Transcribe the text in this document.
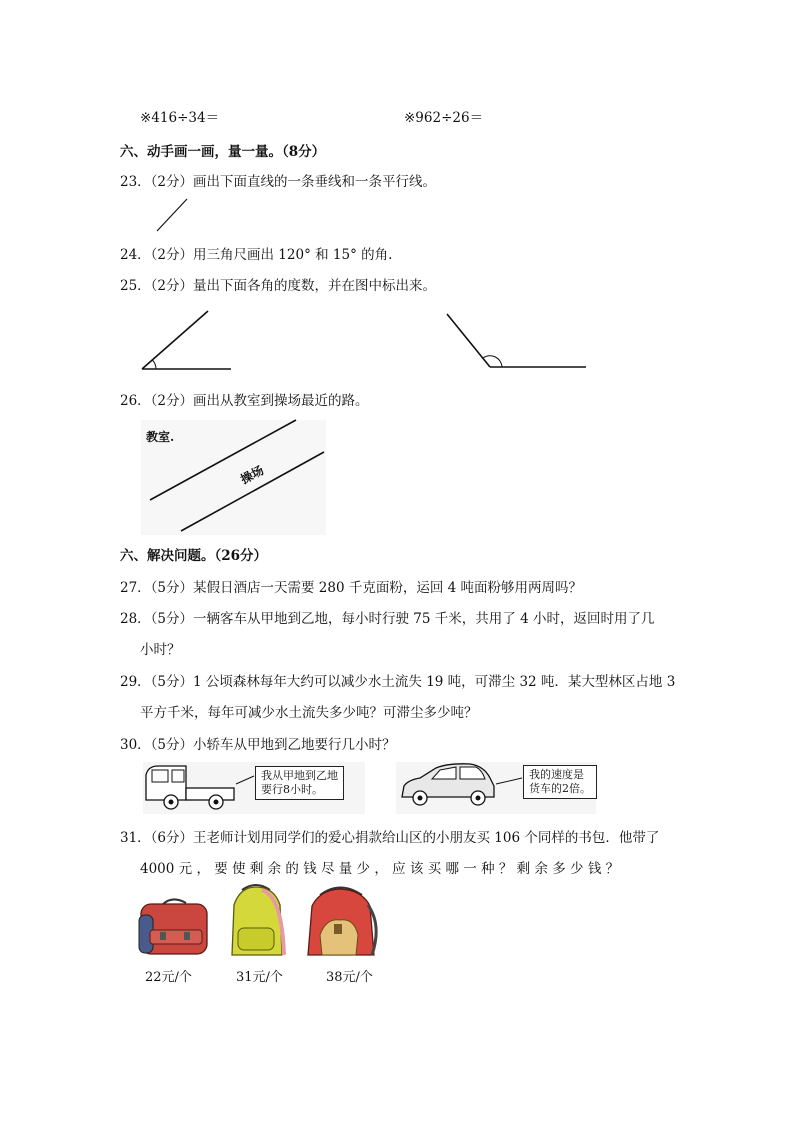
※416÷34＝	※962÷26＝
六、动手画一画，量一量。（8分）
23．（2分）画出下面直线的一条垂线和一条平行线。
24．（2分）用三角尺画出 120° 和 15° 的角.
25．（2分）量出下面各角的度数，并在图中标出来。
26．（2分）画出从教室到操场最近的路。
教室.
操场
六、解决问题。（26分）
27．（5分）某假日酒店一天需要 280 千克面粉，运回 4 吨面粉够用两周吗？
28．（5分）一辆客车从甲地到乙地，每小时行驶 75 千米，共用了 4 小时，返回时用了几
小时？
29．（5分）1 公顷森林每年大约可以减少水土流失 19 吨，可滞尘 32 吨．某大型林区占地 3
平方千米，每年可减少水土流失多少吨？可滞尘多少吨？
30．（5分）小轿车从甲地到乙地要行几小时？
我从甲地到乙地
要行8小时。
我的速度是
货车的2倍。
31．（6分）王老师计划用同学们的爱心捐款给山区的小朋友买 106 个同样的书包．他带了
4000 元 ， 要 使 剩 余 的 钱 尽 量 少 ， 应 该 买 哪 一 种 ？ 剩 余 多 少 钱 ？
22元/个	31元/个	38元/个
